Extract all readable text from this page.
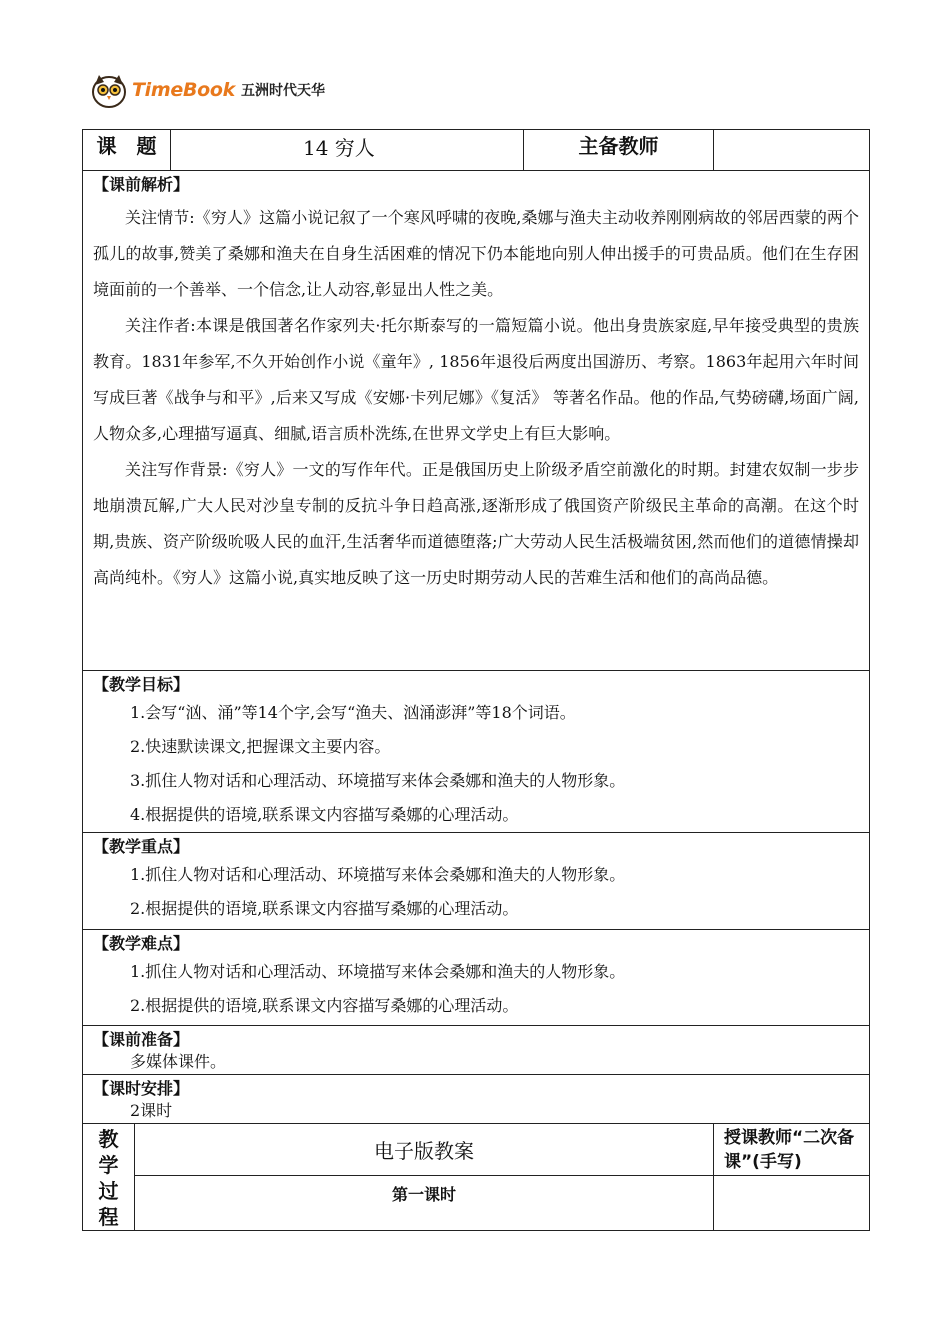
TimeBook 五洲时代天华
课　题		14 穷人	主备教师	

【课前解析】

关注情节:《穷人》这篇小说记叙了一个寒风呼啸的夜晚,桑娜与渔夫主动收养刚刚病故的邻居西蒙的两个孤儿的故事,赞美了桑娜和渔夫在自身生活困难的情况下仍本能地向别人伸出援手的可贵品质。他们在生存困境面前的一个善举、一个信念,让人动容,彰显出人性之美。

关注作者:本课是俄国著名作家列夫·托尔斯泰写的一篇短篇小说。他出身贵族家庭,早年接受典型的贵族教育。1831年参军,不久开始创作小说《童年》, 1856年退役后两度出国游历、考察。1863年起用六年时间写成巨著《战争与和平》,后来又写成《安娜·卡列尼娜》《复活》 等著名作品。他的作品,气势磅礴,场面广阔,人物众多,心理描写逼真、细腻,语言质朴洗练,在世界文学史上有巨大影响。

关注写作背景:《穷人》一文的写作年代。正是俄国历史上阶级矛盾空前激化的时期。封建农奴制一步步地崩溃瓦解,广大人民对沙皇专制的反抗斗争日趋高涨,逐渐形成了俄国资产阶级民主革命的高潮。在这个时期,贵族、资产阶级吮吸人民的血汗,生活奢华而道德堕落;广大劳动人民生活极端贫困,然而他们的道德情操却高尚纯朴。《穷人》这篇小说,真实地反映了这一历史时期劳动人民的苦难生活和他们的高尚品德。				

【教学目标】

1.会写“汹、涌”等14个字,会写“渔夫、汹涌澎湃”等18个词语。

2.快速默读课文,把握课文主要内容。

3.抓住人物对话和心理活动、环境描写来体会桑娜和渔夫的人物形象。

4.根据提供的语境,联系课文内容描写桑娜的心理活动。				

【教学重点】

1.抓住人物对话和心理活动、环境描写来体会桑娜和渔夫的人物形象。

2.根据提供的语境,联系课文内容描写桑娜的心理活动。				

【教学难点】

1.抓住人物对话和心理活动、环境描写来体会桑娜和渔夫的人物形象。

2.根据提供的语境,联系课文内容描写桑娜的心理活动。				

【课前准备】

多媒体课件。				

【课时安排】

2课时				

教
学
过
程	电子版教案			授课教师“二次备课”(手写)
	第一课时			
